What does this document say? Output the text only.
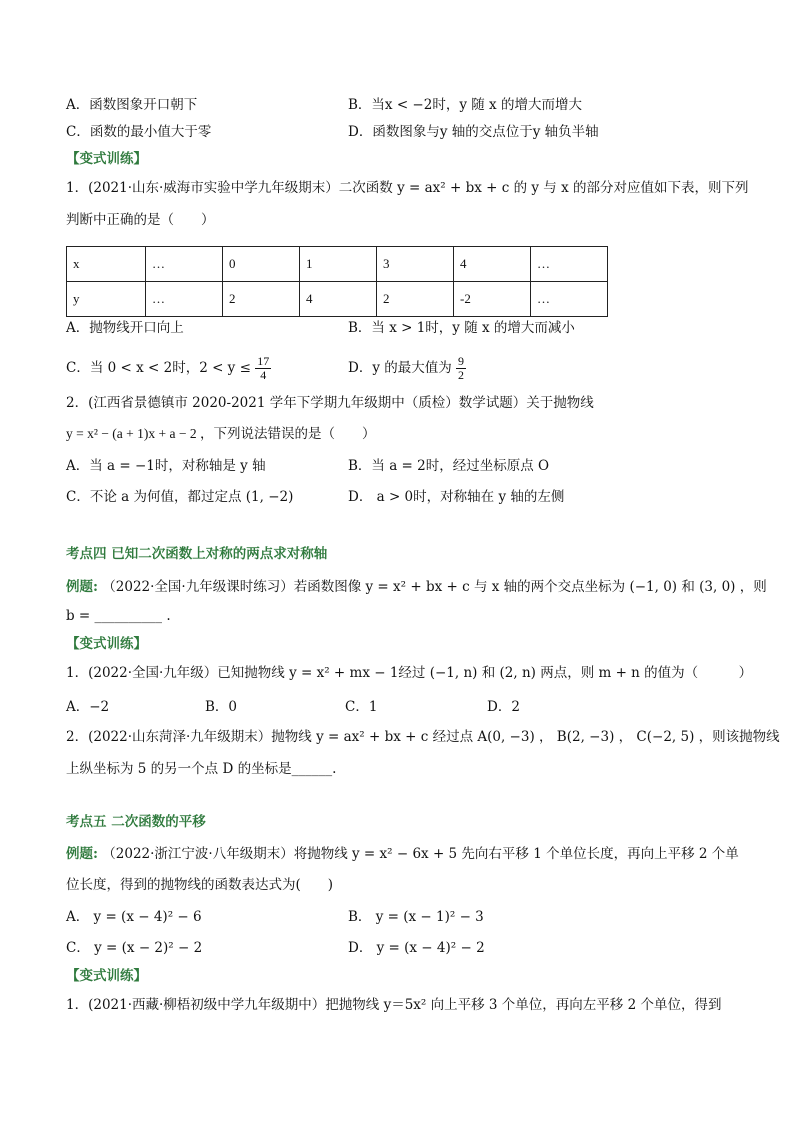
A．函数图象开口朝下	B．当x < −2时，y 随 x 的增大而增大
C．函数的最小值大于零	D．函数图象与y 轴的交点位于y 轴负半轴
【变式训练】
1．(2021·山东·威海市实验中学九年级期末）二次函数 y = ax² + bx + c 的 y 与 x 的部分对应值如下表，则下列
判断中正确的是（　　）
x	…	0	1	3	4	…
y	…	2	4	2	-2	…
A．抛物线开口向上	B．当 x > 1时，y 随 x 的增大而减小
C．当 0 < x < 2时，$2 < y \le \frac{17}{4}$	D．y 的最大值为 $\frac{9}{2}$
2．(江西省景德镇市 2020-2021 学年下学期九年级期中（质检）数学试题）关于抛物线
y = x² − (a + 1)x + a − 2 ，下列说法错误的是（　　）
A．当 a = −1时，对称轴是 y 轴	B．当 a = 2时，经过坐标原点 O
C．不论 a 为何值，都过定点 (1, −2)	D． a > 0时，对称轴在 y 轴的左侧
考点四 已知二次函数上对称的两点求对称轴
例题: （2022·全国·九年级课时练习）若函数图像 y = x² + bx + c 与 x 轴的两个交点坐标为 (−1, 0) 和 (3, 0) ，则
b = __________ .
【变式训练】
1．(2022·全国·九年级）已知抛物线 y = x² + mx − 1经过 (−1, n) 和 (2, n) 两点，则 m + n 的值为（　　　）
A．−2	B．0	C．1	D．2
2．(2022·山东菏泽·九年级期末）抛物线 y = ax² + bx + c 经过点 A(0, −3) ， B(2, −3) ， C(−2, 5) ，则该抛物线
上纵坐标为 5 的另一个点 D 的坐标是______.
考点五 二次函数的平移
例题: （2022·浙江宁波·八年级期末）将抛物线 y = x² − 6x + 5 先向右平移 1 个单位长度，再向上平移 2 个单
位长度，得到的抛物线的函数表达式为(　　)
A． y = (x − 4)² − 6	B． y = (x − 1)² − 3
C． y = (x − 2)² − 2	D． y = (x − 4)² − 2
【变式训练】
1．(2021·西藏·柳梧初级中学九年级期中）把抛物线 y＝5x² 向上平移 3 个单位，再向左平移 2 个单位，得到
